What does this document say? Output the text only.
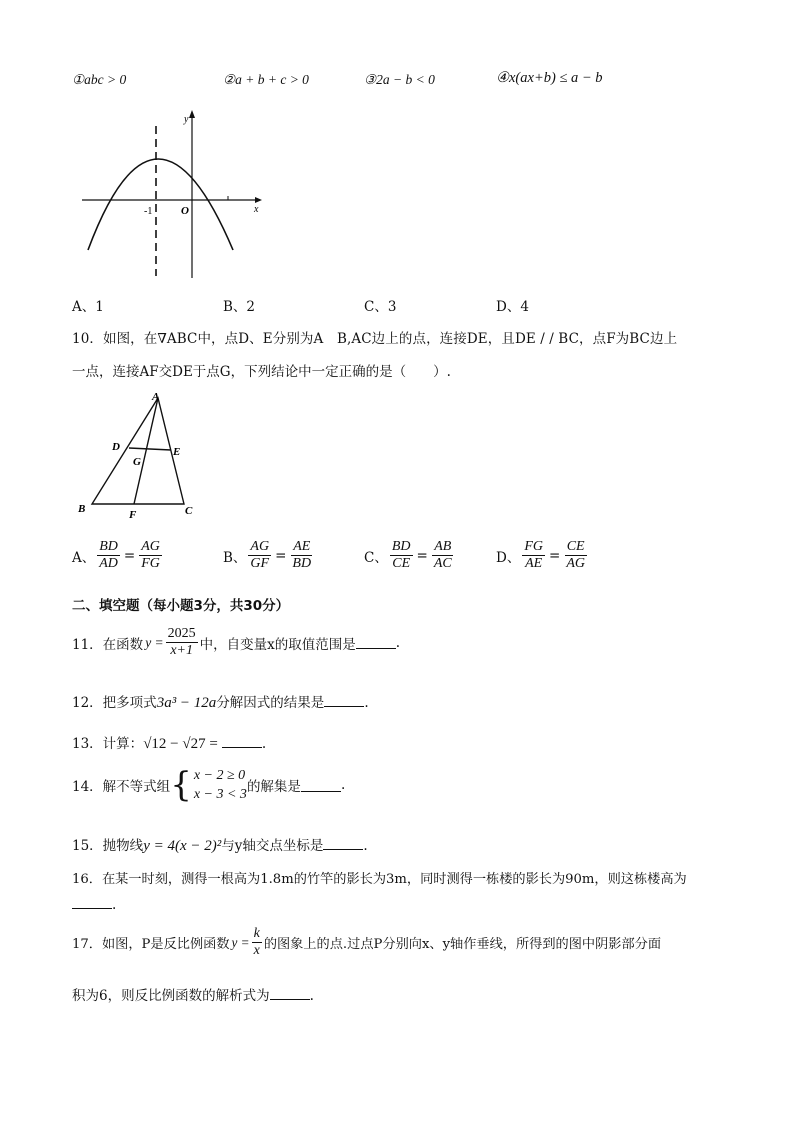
①abc > 0	②a + b + c > 0	③2a − b < 0	④x(ax+b) ≤ a − b
y
x
-1	O
A、1	B、2	C、3	D、4
10．如图，在∇ABC中，点D、E分别为A　B,AC边上的点，连接DE，且DE / / BC，点F为BC边上
一点，连接AF交DE于点G，下列结论中一定正确的是（　　）.
A
B	C
D	E
F
G
A、 $\frac{BD}{AD} = \frac{AG}{FG}$	B、 $\frac{AG}{GF} = \frac{AE}{BD}$	C、 $\frac{BD}{CE} = \frac{AB}{AC}$	D、 $\frac{FG}{AE} = \frac{CE}{AG}$
二、填空题（每小题3分，共30分）
11．在函数 $y = \frac{2025}{x+1}$ 中，自变量x的取值范围是	.
12．把多项式3a³ − 12a分解因式的结果是	.
13．计算：√12 − √27 =	.
14．解不等式组 { x − 2 ≥ 0
x − 3 < 3 的解集是	.
15．抛物线y = 4(x − 2)²与y轴交点坐标是	.
16．在某一时刻，测得一根高为1.8m的竹竿的影长为3m，同时测得一栋楼的影长为90m，则这栋楼高为
.
17．如图，P是反比例函数 $y = \frac{k}{x}$ 的图象上的点.过点P分别向x、y轴作垂线，所得到的图中阴影部分面
积为6，则反比例函数的解析式为	.
